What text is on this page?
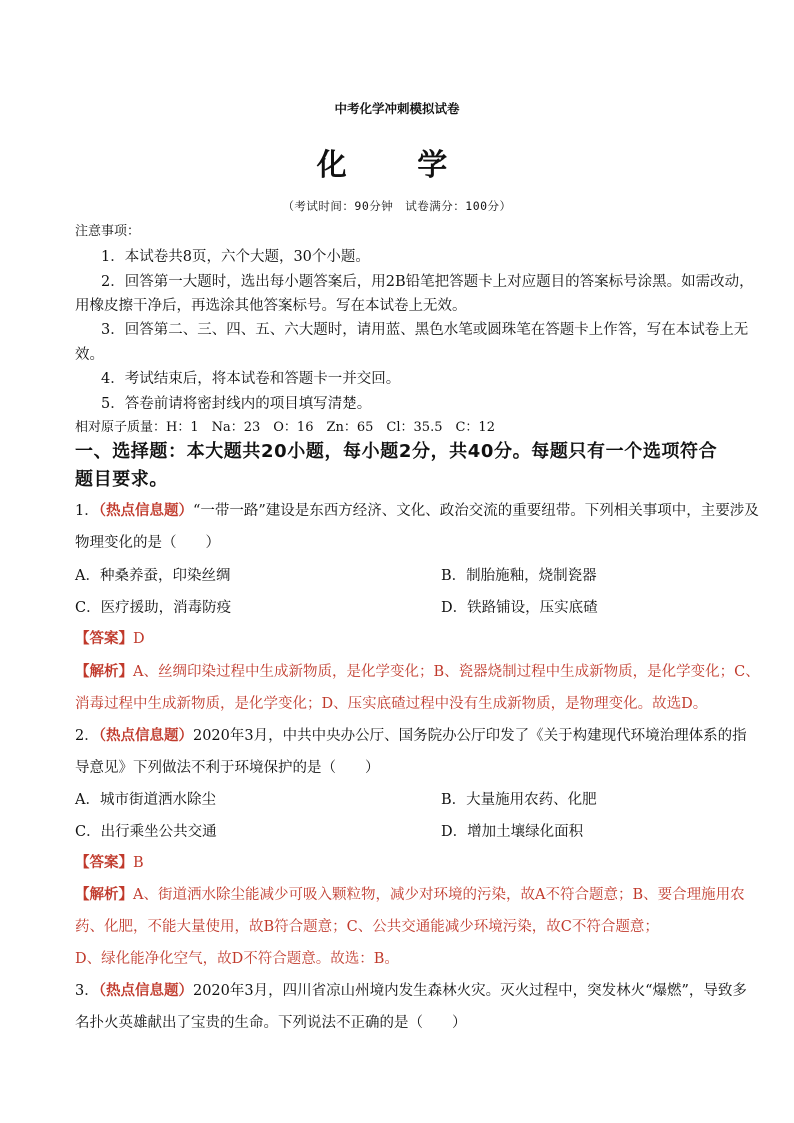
中考化学冲刺模拟试卷
化 学
（考试时间：90分钟　试卷满分：100分）
注意事项：
1．本试卷共8页，六个大题，30个小题。
2．回答第一大题时，选出每小题答案后，用2B铅笔把答题卡上对应题目的答案标号涂黑。如需改动，
用橡皮擦干净后，再选涂其他答案标号。写在本试卷上无效。
3．回答第二、三、四、五、六大题时，请用蓝、黑色水笔或圆珠笔在答题卡上作答，写在本试卷上无
效。
4．考试结束后，将本试卷和答题卡一并交回。
5．答卷前请将密封线内的项目填写清楚。
相对原子质量：H：1　Na：23　O：16　Zn：65　Cl：35.5　C：12
一、选择题：本大题共20小题，每小题2分，共40分。每题只有一个选项符合
题目要求。
1．（热点信息题）“一带一路”建设是东西方经济、文化、政治交流的重要纽带。下列相关事项中，主要涉及
物理变化的是（　　）
A．种桑养蚕，印染丝绸	B．制胎施釉，烧制瓷器
C．医疗援助，消毒防疫	D．铁路铺设，压实底碴
【答案】D
【解析】A、丝绸印染过程中生成新物质，是化学变化；B、瓷器烧制过程中生成新物质，是化学变化；C、
消毒过程中生成新物质，是化学变化；D、压实底碴过程中没有生成新物质，是物理变化。故选D。
2．（热点信息题）2020年3月，中共中央办公厅、国务院办公厅印发了《关于构建现代环境治理体系的指
导意见》下列做法不利于环境保护的是（　　）
A．城市街道洒水除尘	B．大量施用农药、化肥
C．出行乘坐公共交通	D．增加土壤绿化面积
【答案】B
【解析】A、街道洒水除尘能减少可吸入颗粒物，减少对环境的污染，故A不符合题意；B、要合理施用农
药、化肥，不能大量使用，故B符合题意；C、公共交通能减少环境污染，故C不符合题意；
D、绿化能净化空气，故D不符合题意。故选：B。
3．（热点信息题）2020年3月，四川省凉山州境内发生森林火灾。灭火过程中，突发林火“爆燃”，导致多
名扑火英雄献出了宝贵的生命。下列说法不正确的是（　　）
